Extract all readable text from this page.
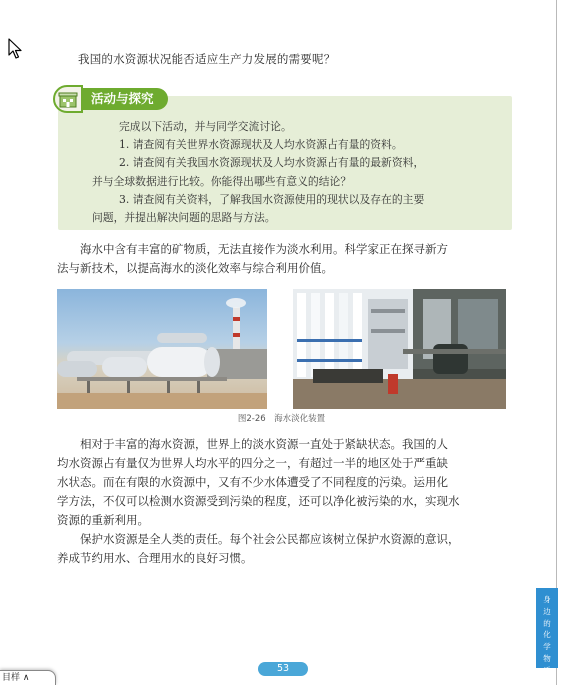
我国的水资源状况能否适应生产力发展的需要呢？
活动与探究
完成以下活动，并与同学交流讨论。
1. 请查阅有关世界水资源现状及人均水资源占有量的资料。
2. 请查阅有关我国水资源现状及人均水资源占有量的最新资料，
并与全球数据进行比较。你能得出哪些有意义的结论？
3. 请查阅有关资料，了解我国水资源使用的现状以及存在的主要
问题，并提出解决问题的思路与方法。
海水中含有丰富的矿物质，无法直接作为淡水利用。科学家正在探寻新方
法与新技术，以提高海水的淡化效率与综合利用价值。
图2-26　海水淡化装置
相对于丰富的海水资源，世界上的淡水资源一直处于紧缺状态。我国的人
均水资源占有量仅为世界人均水平的四分之一，有超过一半的地区处于严重缺
水状态。而在有限的水资源中，又有不少水体遭受了不同程度的污染。运用化
学方法，不仅可以检测水资源受到污染的程度，还可以净化被污染的水，实现水
资源的重新利用。
保护水资源是全人类的责任。每个社会公民都应该树立保护水资源的意识，
养成节约用水、合理用水的良好习惯。
身
边
的
化
学
物
质
53
目样 ∧
